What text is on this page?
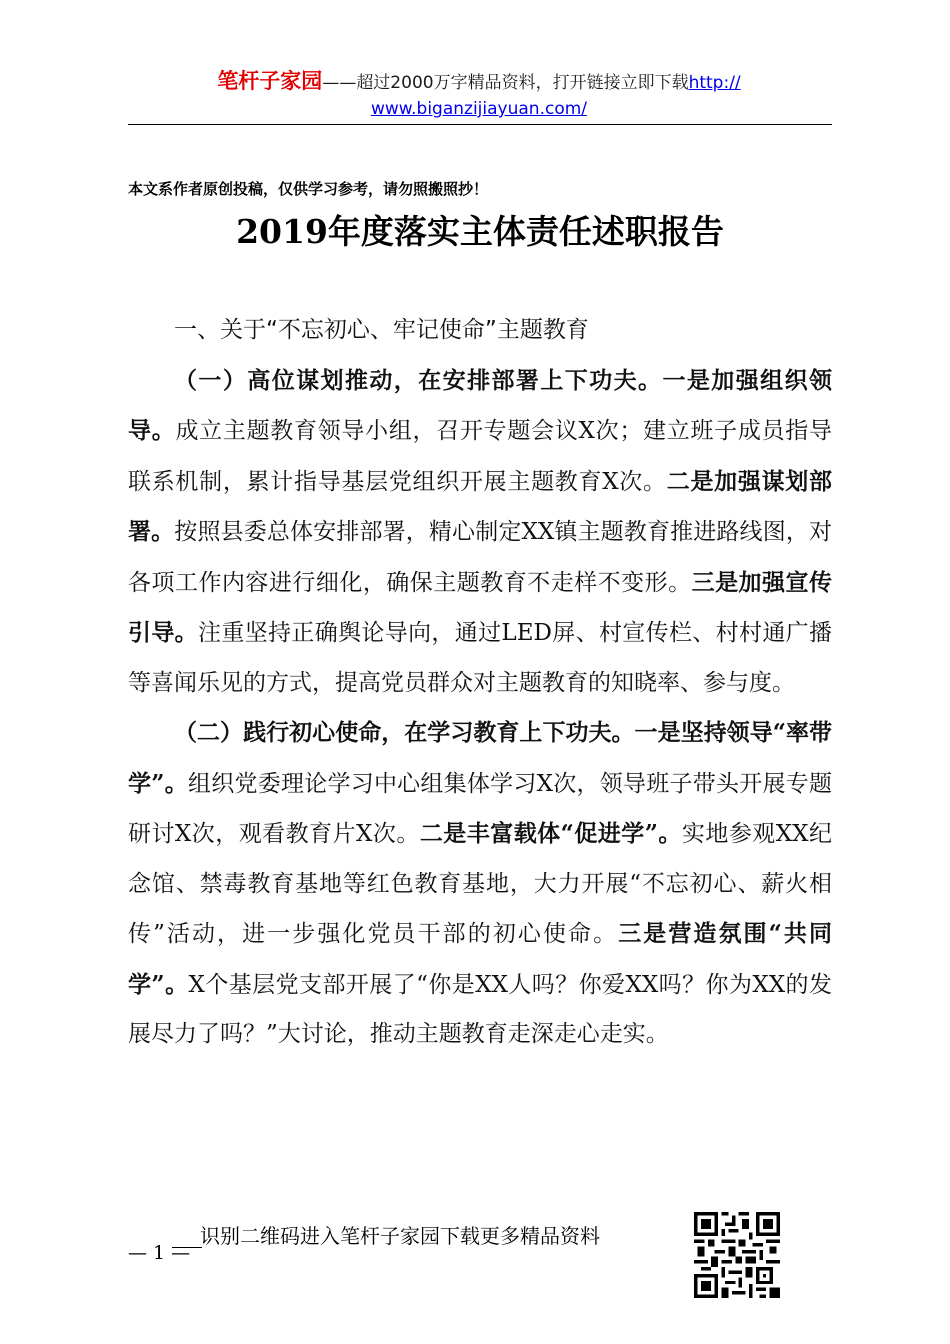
笔杆子家园——超过2000万字精品资料，打开链接立即下载http://
www.biganzijiayuan.com/
本文系作者原创投稿，仅供学习参考，请勿照搬照抄！
2019年度落实主体责任述职报告

一、关于“不忘初心、牢记使命”主题教育

（一）高位谋划推动，在安排部署上下功夫。一是加强组织领导。成立主题教育领导小组，召开专题会议X次；建立班子成员指导联系机制，累计指导基层党组织开展主题教育X次。二是加强谋划部署。按照县委总体安排部署，精心制定XX镇主题教育推进路线图，对各项工作内容进行细化，确保主题教育不走样不变形。三是加强宣传引导。注重坚持正确舆论导向，通过LED屏、村宣传栏、村村通广播等喜闻乐见的方式，提高党员群众对主题教育的知晓率、参与度。

（二）践行初心使命，在学习教育上下功夫。一是坚持领导“率带学”。组织党委理论学习中心组集体学习X次，领导班子带头开展专题研讨X次，观看教育片X次。二是丰富载体“促进学”。实地参观XX纪念馆、禁毒教育基地等红色教育基地，大力开展“不忘初心、薪火相传”活动，进一步强化党员干部的初心使命。三是营造氛围“共同学”。X个基层党支部开展了“你是XX人吗？你爱XX吗？你为XX的发展尽力了吗？”大讨论，推动主题教育走深走心走实。

— 1 —
识别二维码进入笔杆子家园下载更多精品资料
